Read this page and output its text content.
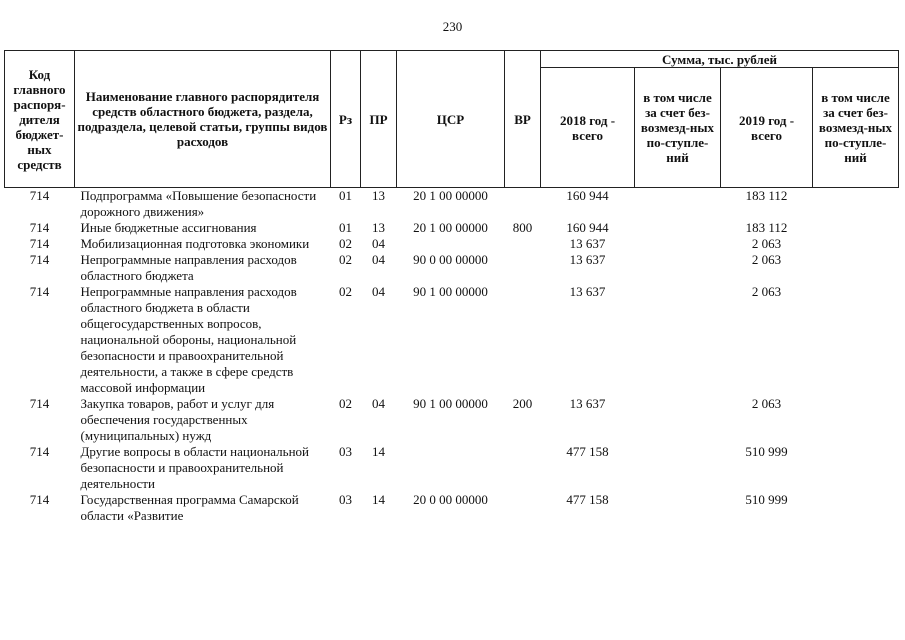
230
Код главного распоря-дителя бюджет-ных средств	Наименование главного распорядителя средств областного бюджета, раздела, подраздела, целевой статьи, группы видов расходов	Рз	ПР	ЦСР	ВР	Сумма, тыс. рублей			
						2018 год - всего	в том числе за счет без-возмезд-ных по-ступле-ний	2019 год - всего	в том числе за счет без-возмезд-ных по-ступле-ний
714	Подпрограмма «Повышение безопасности дорожного движения»	01	13	20 1 00 00000		160 944		183 112	
714	Иные бюджетные ассигнования	01	13	20 1 00 00000	800	160 944		183 112	
714	Мобилизационная подготовка экономики	02	04			13 637		2 063	
714	Непрограммные направления расходов областного бюджета	02	04	90 0 00 00000		13 637		2 063	
714	Непрограммные направления расходов областного бюджета в области общегосударственных вопросов, национальной обороны, национальной безопасности и правоохранительной деятельности, а также в сфере средств массовой информации	02	04	90 1 00 00000		13 637		2 063	
714	Закупка товаров, работ и услуг для обеспечения государственных (муниципальных) нужд	02	04	90 1 00 00000	200	13 637		2 063	
714	Другие вопросы в области национальной безопасности и правоохранительной деятельности	03	14			477 158		510 999	
714	Государственная программа Самарской области «Развитие	03	14	20 0 00 00000		477 158		510 999	
